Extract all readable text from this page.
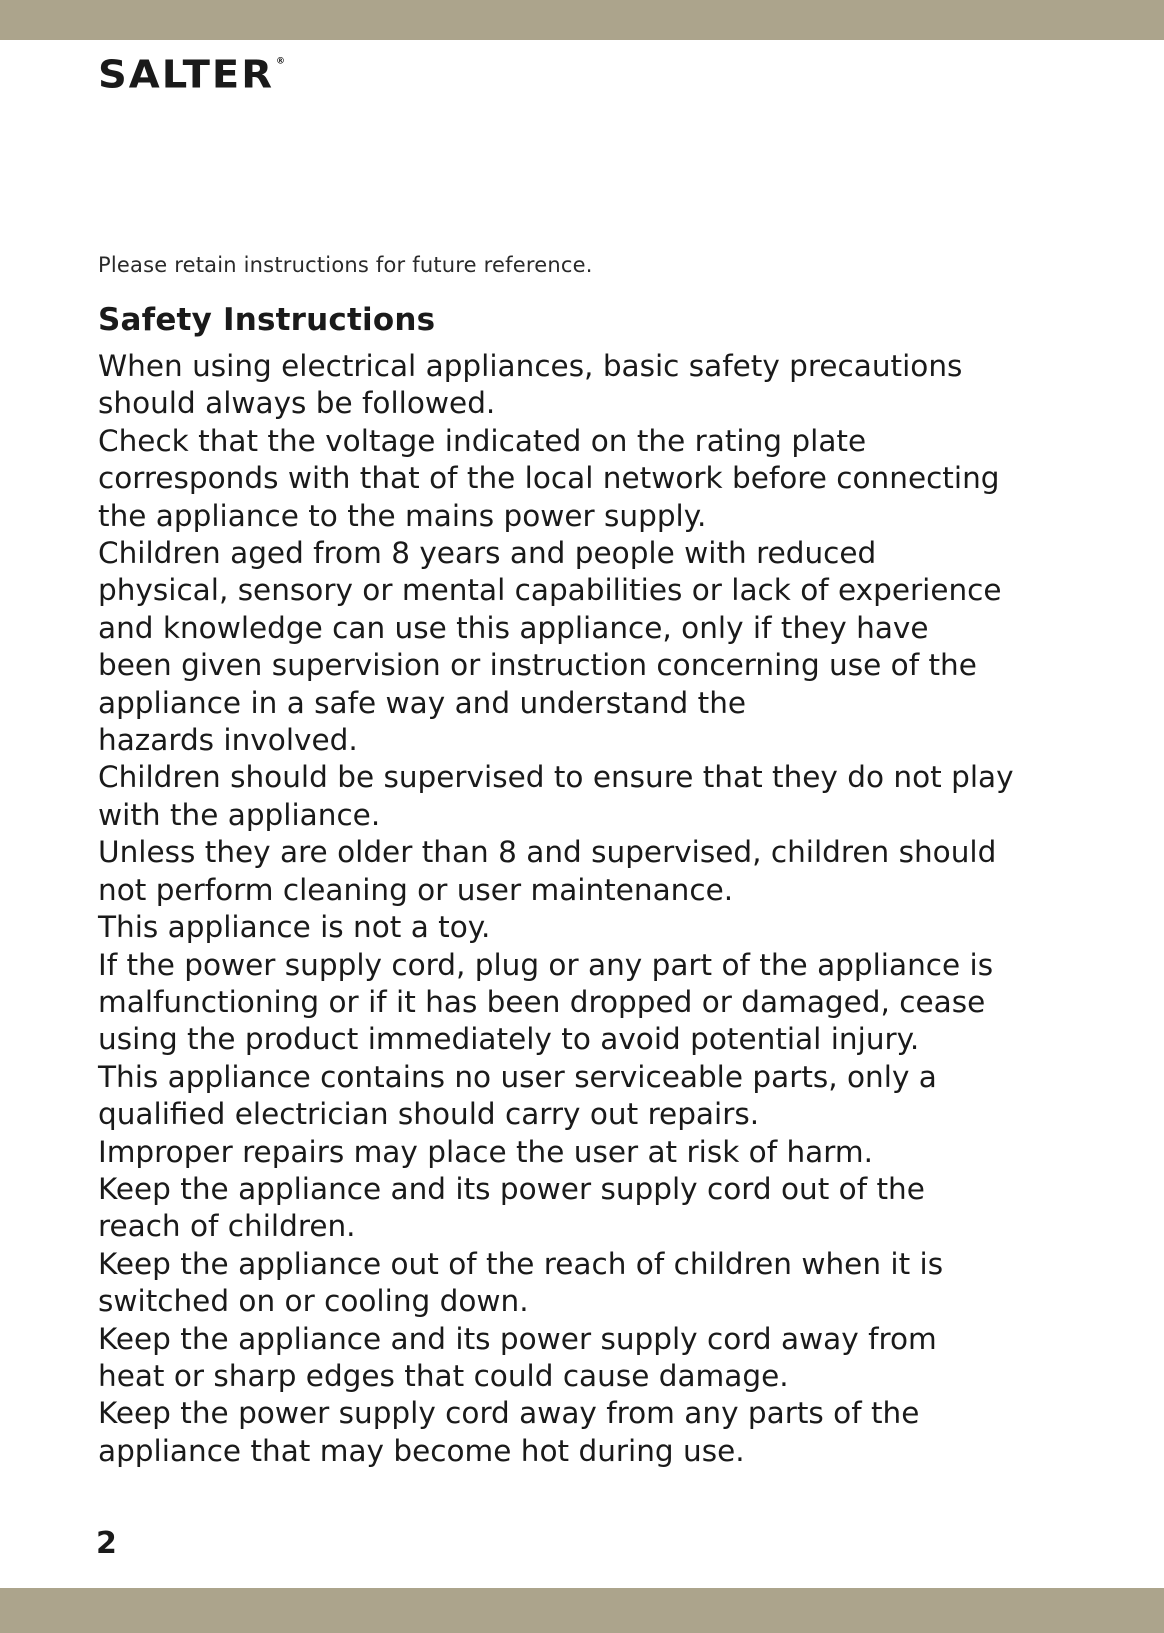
SALTER ®
Please retain instructions for future reference.
Safety Instructions
When using electrical appliances, basic safety precautions
should always be followed.
Check that the voltage indicated on the rating plate
corresponds with that of the local network before connecting
the appliance to the mains power supply.
Children aged from 8 years and people with reduced
physical, sensory or mental capabilities or lack of experience
and knowledge can use this appliance, only if they have
been given supervision or instruction concerning use of the
appliance in a safe way and understand the
hazards involved.
Children should be supervised to ensure that they do not play
with the appliance.
Unless they are older than 8 and supervised, children should
not perform cleaning or user maintenance.
This appliance is not a toy.
If the power supply cord, plug or any part of the appliance is
malfunctioning or if it has been dropped or damaged, cease
using the product immediately to avoid potential injury.
This appliance contains no user serviceable parts, only a
qualified electrician should carry out repairs.
Improper repairs may place the user at risk of harm.
Keep the appliance and its power supply cord out of the
reach of children.
Keep the appliance out of the reach of children when it is
switched on or cooling down.
Keep the appliance and its power supply cord away from
heat or sharp edges that could cause damage.
Keep the power supply cord away from any parts of the
appliance that may become hot during use.
2
